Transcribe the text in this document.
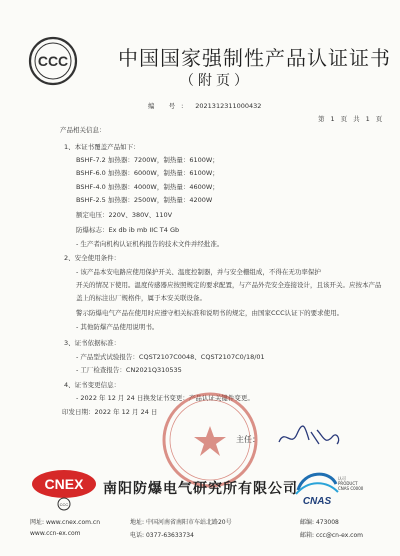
CCC 中国国家强制性产品认证证书
（附页）
编 号: 2021312311000432
第 1 页 共 1 页
产品相关信息：
1、本证书覆盖产品如下：
BSHF-7.2 加热器：7200W，制热量：6100W；
BSHF-6.0 加热器：6000W，制热量：6100W；
BSHF-4.0 加热器：4000W，制热量：4600W；
BSHF-2.5 加热器：2500W，制热量：4200W
额定电压：220V、380V、110V
防爆标志：Ex db ib mb IIC T4 Gb
- 生产者向机构认证机构报告的技术文件并经批准。
2、安全使用条件：
- 该产品本安电路应使用保护开关、温度控制器，并与安全栅组成，不得在无功率保护
开关的情况下使用。温度传感器应按照规定的要求配置，与产品外壳安全连接设计，且该开关。应按本产品
盖上的标注出厂规格件，属于本安关联设备。
警示防爆电气产品在使用时应遵守相关标准和说明书的规定，由国家CCC认证下的要求使用。
- 其他防爆产品使用说明书。
3、证书依据标准：
- 产品型式试验报告：CQST2107C0048、CQST2107C0/18/01
- 工厂检查报告：CN2021Q310535
4、证书变更信息：
- 2022 年 12 月 24 日换发证书变更：产品认证关键件变更。
印发日期：2022 年 12 月 24 日
主任：
CNEX
CCC
南阳防爆电气研究所有限公司
CNAS
认可
PRODUCT
CNAS C0000
网址: www.cnex.com.cn	地址: 中国河南省南阳市车站北路20号	邮编: 473008
www.ccn-ex.com	电话: 0377-63633734	邮箱: ccc@cn-ex.com
